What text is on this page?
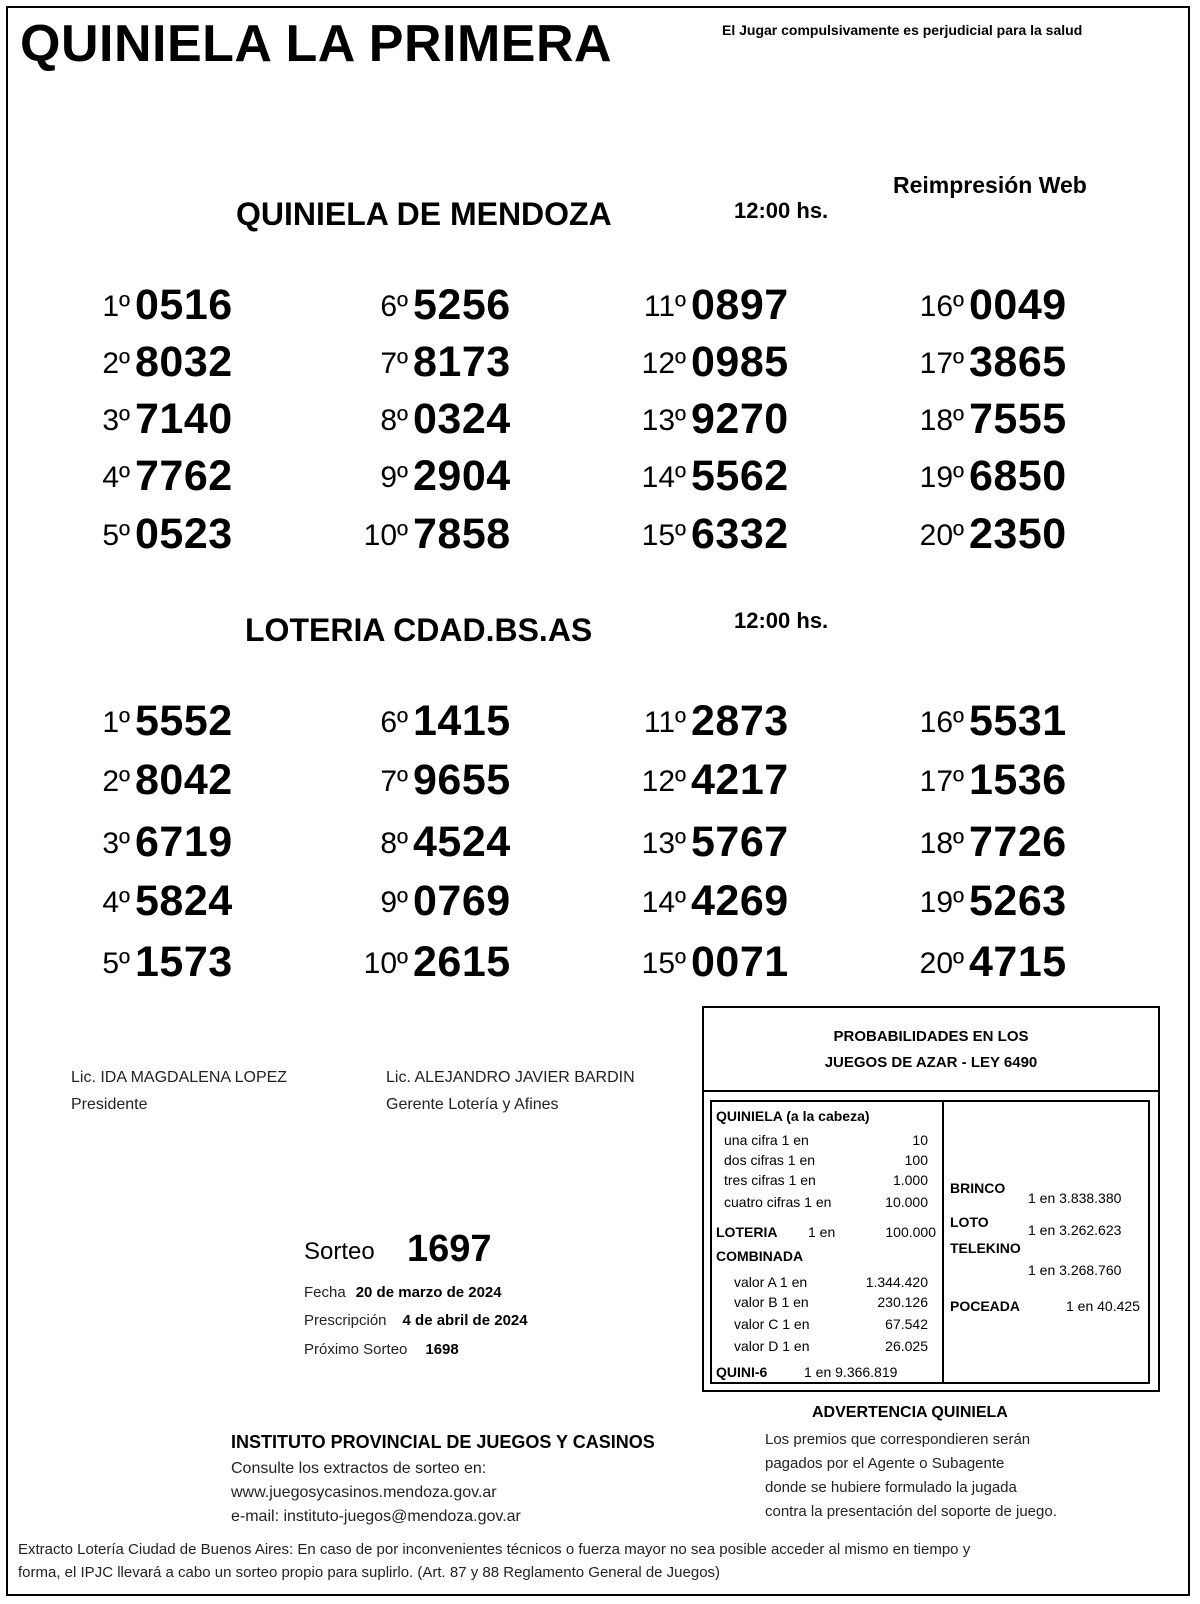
QUINIELA LA PRIMERA	El Jugar compulsivamente es perjudicial para la salud
Reimpresión Web
QUINIELA DE MENDOZA	12:00 hs.
1º 0516
2º 8032
3º 7140
4º 7762
5º 0523
6º 5256
7º 8173
8º 0324
9º 2904
10º 7858
11º 0897
12º 0985
13º 9270
14º 5562
15º 6332
16º 0049
17º 3865
18º 7555
19º 6850
20º 2350
LOTERIA CDAD.BS.AS	12:00 hs.
1º 5552
2º 8042
3º 6719
4º 5824
5º 1573
6º 1415
7º 9655
8º 4524
9º 0769
10º 2615
11º 2873
12º 4217
13º 5767
14º 4269
15º 0071
16º 5531
17º 1536
18º 7726
19º 5263
20º 4715
Lic. IDA MAGDALENA LOPEZ
Presidente
Lic. ALEJANDRO JAVIER BARDIN
Gerente Lotería y Afines
Sorteo 1697
Fecha 20 de marzo de 2024
Prescripción 4 de abril de 2024
Próximo Sorteo 1698
PROBABILIDADES EN LOS
JUEGOS DE AZAR - LEY 6490
QUINIELA (a la cabeza)
una cifra 1 en	10
dos cifras 1 en	100
tres cifras 1 en	1.000
cuatro cifras 1 en	10.000
LOTERIA 1 en	100.000
COMBINADA
valor A 1 en	1.344.420
valor B 1 en	230.126
valor C 1 en	67.542
valor D 1 en	26.025
QUINI-6	1 en 9.366.819
BRINCO
1 en 3.838.380
LOTO	1 en 3.262.623
TELEKINO
1 en 3.268.760
POCEADA	1 en 40.425
INSTITUTO PROVINCIAL DE JUEGOS Y CASINOS
Consulte los extractos de sorteo en:
www.juegosycasinos.mendoza.gov.ar
e-mail: instituto-juegos@mendoza.gov.ar
ADVERTENCIA QUINIELA
Los premios que correspondieren serán
pagados por el Agente o Subagente
donde se hubiere formulado la jugada
contra la presentación del soporte de juego.
Extracto Lotería Ciudad de Buenos Aires: En caso de por inconvenientes técnicos o fuerza mayor no sea posible acceder al mismo en tiempo y
forma, el IPJC llevará a cabo un sorteo propio para suplirlo. (Art. 87 y 88 Reglamento General de Juegos)
